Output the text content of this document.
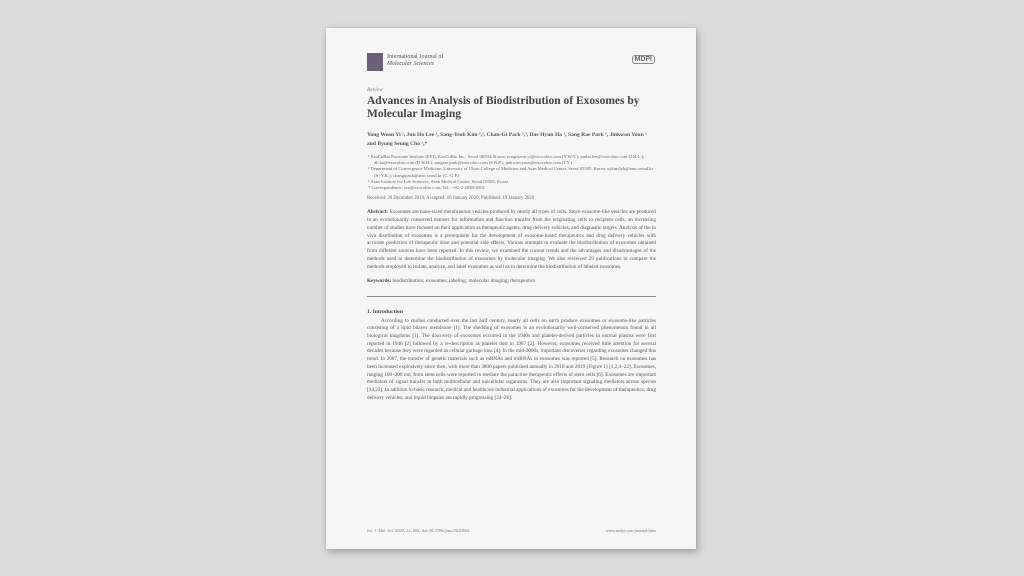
International Journal of
Molecular Sciences
MDPI
Review
Advances in Analysis of Biodistribution of Exosomes by Molecular Imaging
Yong Weon Yi ¹, Jun Ho Lee ¹, Sang-Yeob Kim ²,³, Chan-Gi Pack ²,³, Dae Hyun Ha ¹, Sang Rae Park ¹, Jinkwon Youn ¹ and Byong Seung Cho ¹,*
¹ ExoCoBio Exosome Institute (EEI), ExoCoBio Inc., Seoul 08594, Korea; yongweon.yi@exocobio.com (Y.W.Y.); junho.lee@exocobio.com (J.H.L.); dh.ha@exocobio.com (D.H.H.); sangrae.park@exocobio.com (S.R.P.); jinkwon.youn@exocobio.com (J.Y.)
² Department of Convergence Medicine, University of Ulsan College of Medicine and Asan Medical Center, Seoul 05505, Korea; sykim3yk@amc.seoul.kr (S.-Y.K.); changipack@amc.seoul.kr (C.-G.P.)
³ Asan Institute for Life Sciences, Asan Medical Center, Seoul 05505, Korea
* Correspondence: cco@exocobio.com; Tel.: +82-2-2038-3915
Received: 20 December 2019; Accepted: 16 January 2020; Published: 19 January 2020
Abstract: Exosomes are nano-sized membranous vesicles produced by nearly all types of cells. Since exosome-like vesicles are produced in an evolutionarily conserved manner for information and function transfer from the originating cells to recipient cells, an increasing number of studies have focused on their application as therapeutic agents, drug delivery vehicles, and diagnostic targets. Analysis of the in vivo distribution of exosomes is a prerequisite for the development of exosome-based therapeutics and drug delivery vehicles with accurate prediction of therapeutic dose and potential side effects. Various attempts to evaluate the biodistribution of exosomes obtained from different sources have been reported. In this review, we examined the current trends and the advantages and disadvantages of the methods used to determine the biodistribution of exosomes by molecular imaging. We also reviewed 29 publications to compare the methods employed to isolate, analyze, and label exosomes as well as to determine the biodistribution of labeled exosomes.
Keywords: biodistribution; exosomes; labeling; molecular imaging; therapeutics
1. Introduction
According to studies conducted over the last half century, nearly all cells on earth produce exosomes or exosome-like particles consisting of a lipid bilayer membrane [1]. The shedding of exosomes is an evolutionarily well-conserved phenomenon found in all biological kingdoms [1]. The discovery of exosomes occurred in the 1940s and platelet-derived particles in normal plasma were first reported in 1946 [2] followed by a re-description as platelet dust in 1967 [3]. However, exosomes received little attention for several decades because they were regarded as cellular garbage bins [4]. In the mid-2000s, important discoveries regarding exosomes changed this trend. In 2007, the transfer of genetic materials such as mRNAs and miRNAs in exosomes was reported [5]. Research on exosomes has been increased explosively since then, with more than 3000 papers published annually in 2018 and 2019 (Figure 1) [1,2,4–22]. Exosomes, ranging 100–200 nm, from stem cells were reported to mediate the paracrine therapeutic effects of stem cells [6]. Exosomes are important mediators of signal transfer in both multicellular and unicellular organisms. They are also important signaling mediators across species [14,23]. In addition to basic research, medical and healthcare industrial applications of exosomes for the development of therapeutics, drug delivery vehicles, and liquid biopsies are rapidly progressing [24–26].
Int. J. Mol. Sci. 2020, 21, 665; doi:10.3390/ijms21020665	www.mdpi.com/journal/ijms
